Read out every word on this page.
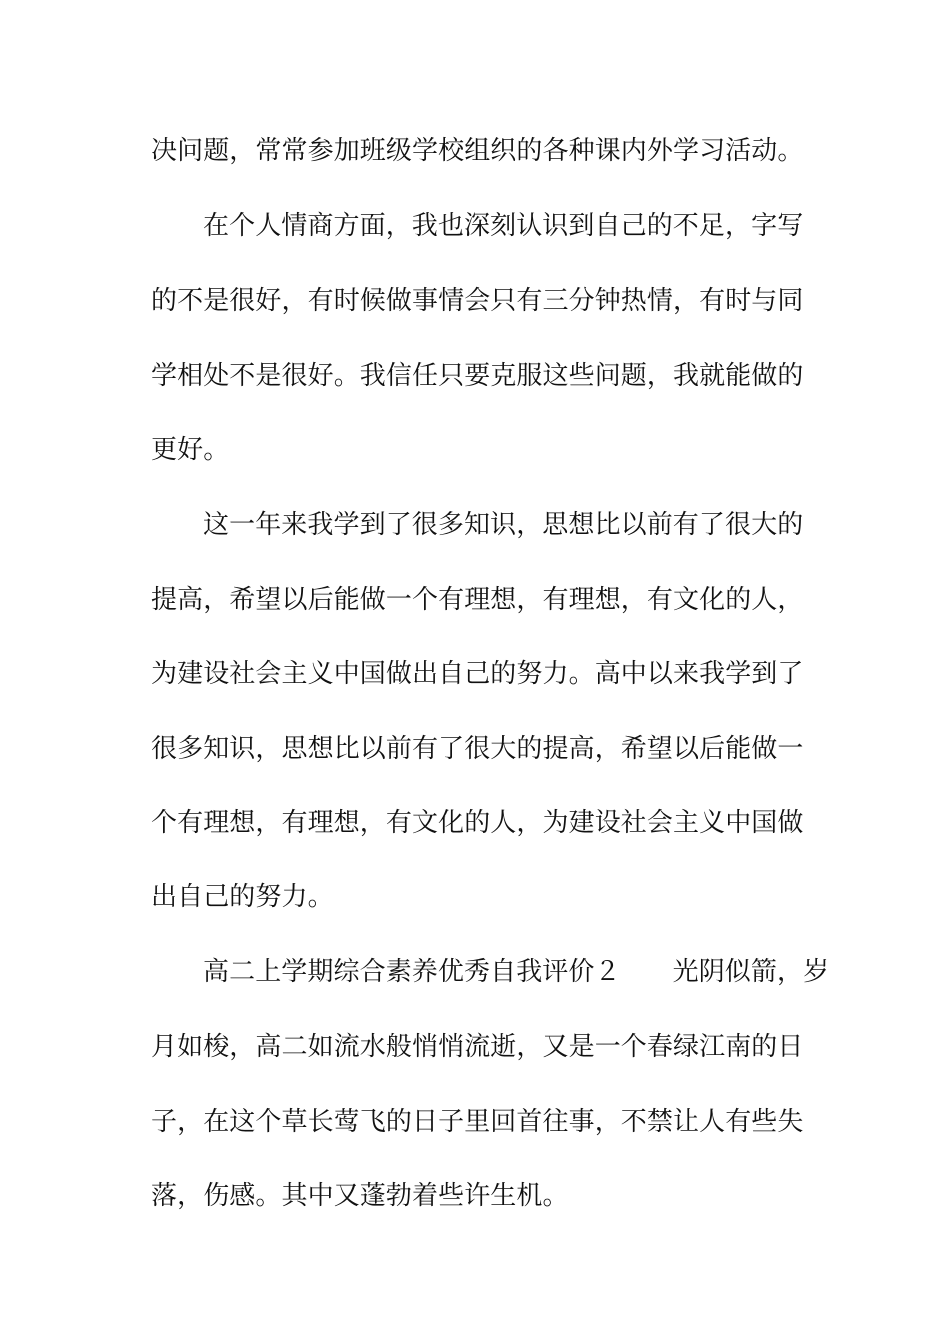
决问题，常常参加班级学校组织的各种课内外学习活动。

在个人情商方面，我也深刻认识到自己的不足，字写

的不是很好，有时候做事情会只有三分钟热情，有时与同

学相处不是很好。我信任只要克服这些问题，我就能做的

更好。

这一年来我学到了很多知识，思想比以前有了很大的

提高，希望以后能做一个有理想，有理想，有文化的人，

为建设社会主义中国做出自己的努力。高中以来我学到了

很多知识，思想比以前有了很大的提高，希望以后能做一

个有理想，有理想，有文化的人，为建设社会主义中国做

出自己的努力。

高二上学期综合素养优秀自我评价２ 光阴似箭，岁

月如梭，高二如流水般悄悄流逝，又是一个春绿江南的日

子，在这个草长莺飞的日子里回首往事，不禁让人有些失

落，伤感。其中又蓬勃着些许生机。
